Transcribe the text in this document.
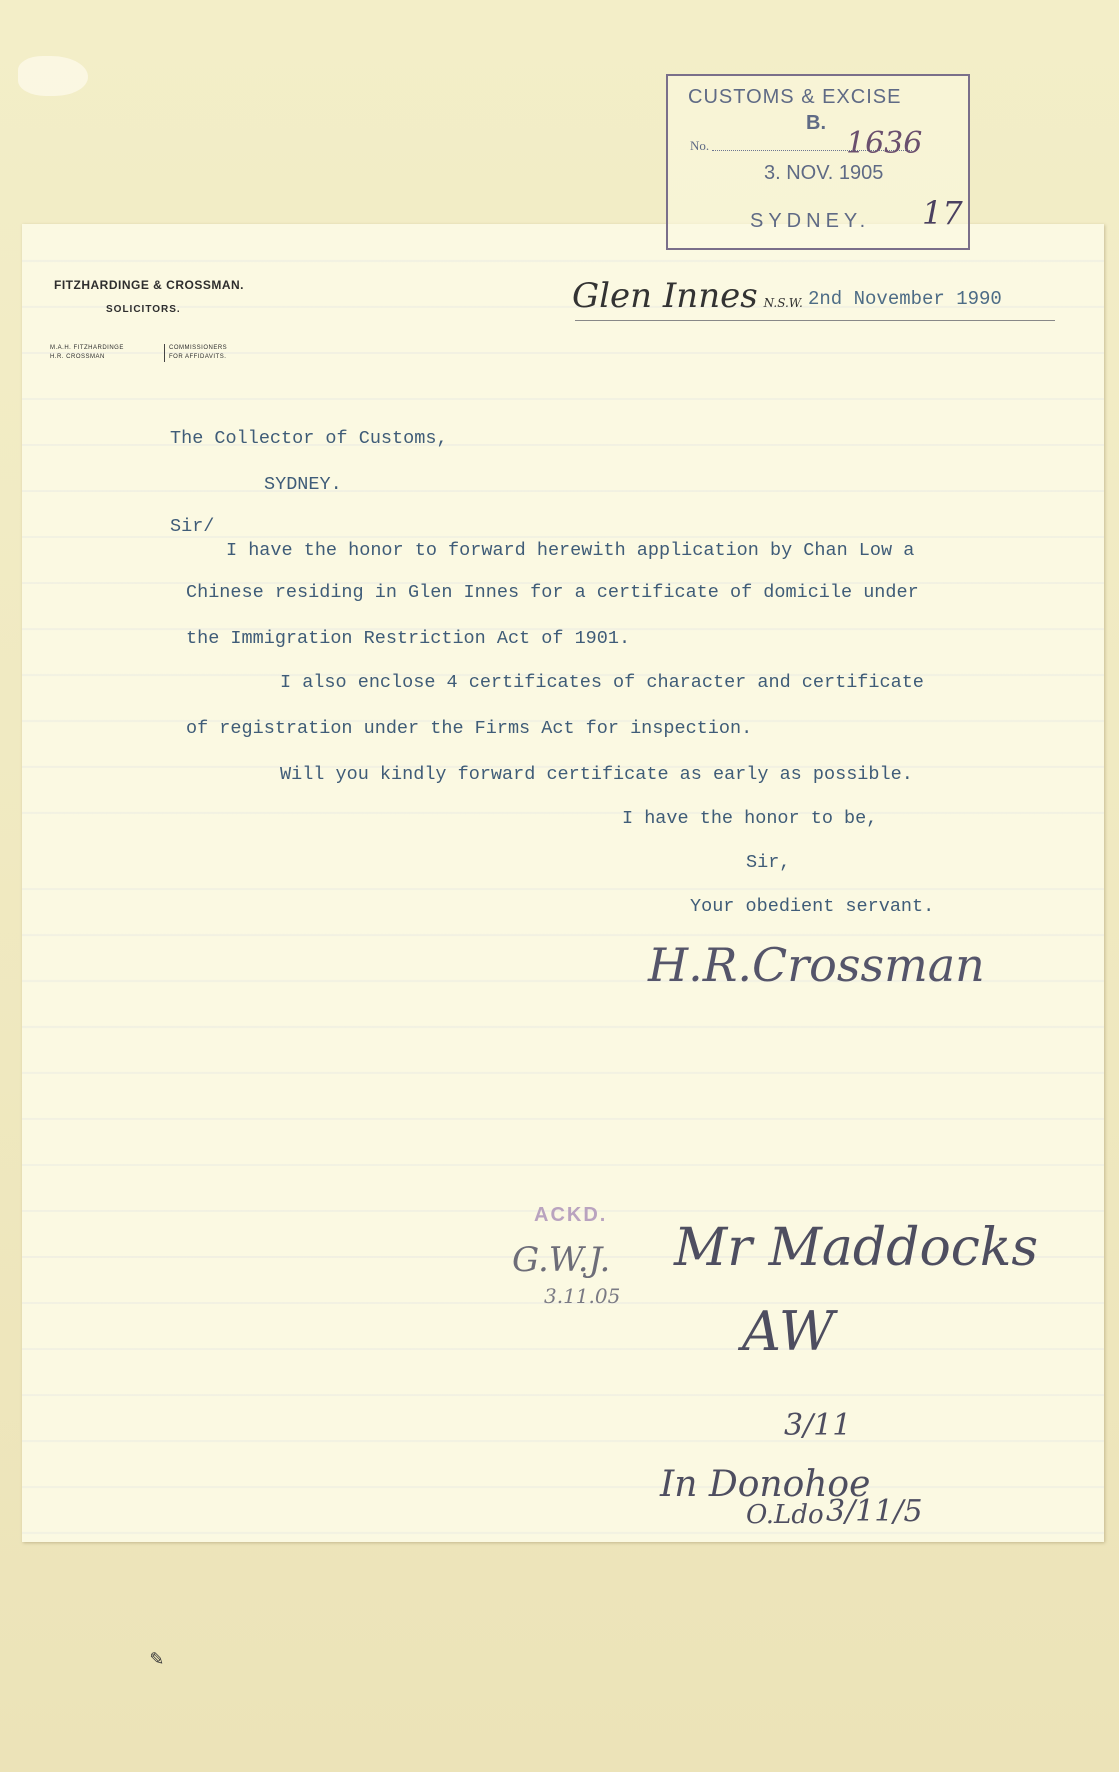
✎
CUSTOMS & EXCISE
B.
No.	1636
3. NOV. 1905
SYDNEY. 17
FITZHARDINGE & CROSSMAN.
SOLICITORS.
M.A.H. FITZHARDINGE
H.R. CROSSMAN
COMMISSIONERS
FOR AFFIDAVITS.
Glen Innes N.S.W. 2nd November 1990
The Collector of Customs,
SYDNEY.
Sir/
I have the honor to forward herewith application by Chan Low a
Chinese residing in Glen Innes for a certificate of domicile under
the Immigration Restriction Act of 1901.
I also enclose 4 certificates of character and certificate
of registration under the Firms Act for inspection.
Will you kindly forward certificate as early as possible.
I have the honor to be,
Sir,
Your obedient servant.
H.R.Crossman
ACKD.
G.W.J.
3.11.05
Mr Maddocks
AW
3/11
In Donohoe
O.Ldo 3/11/5
